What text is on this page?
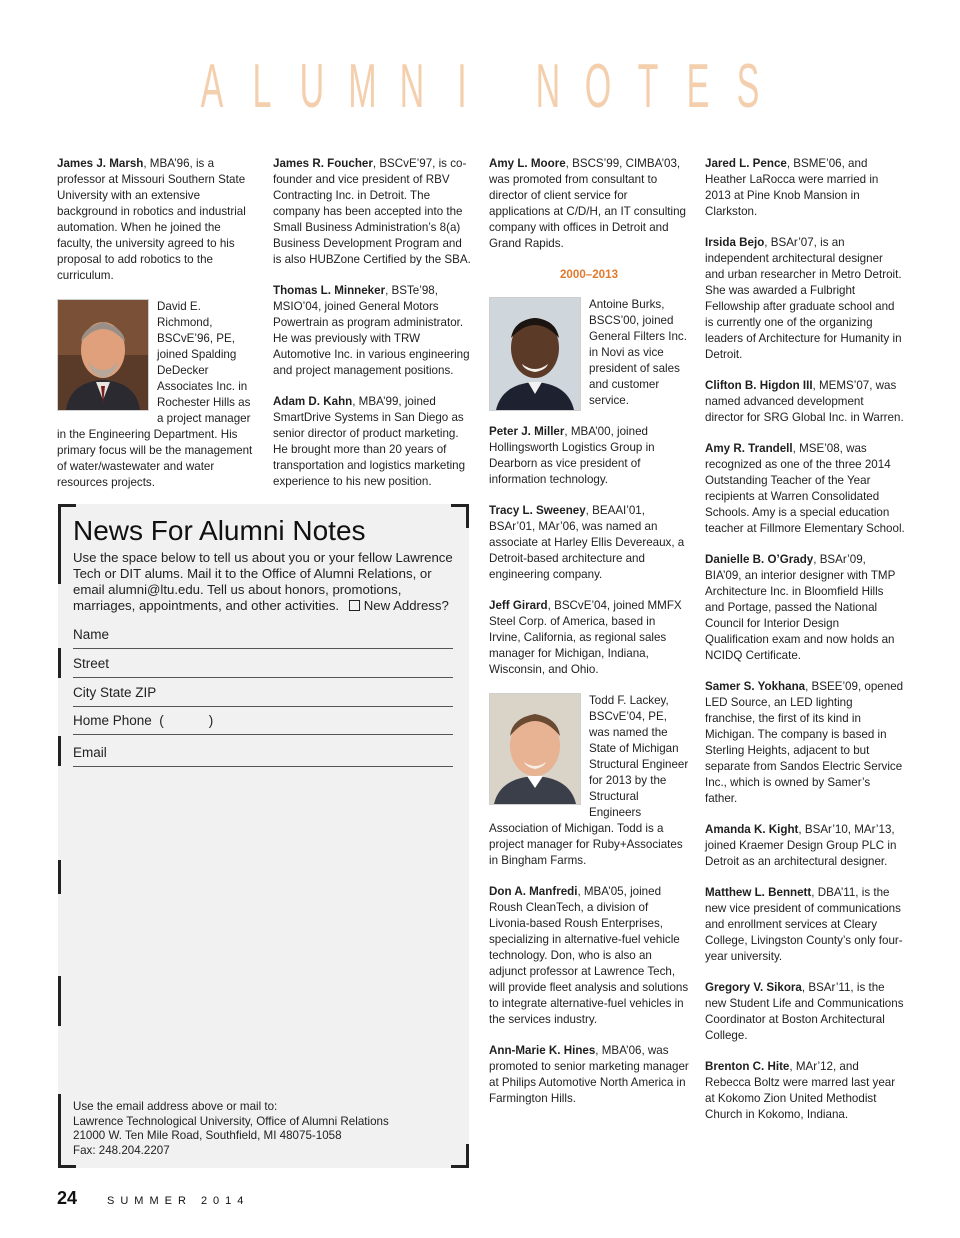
A L U M N I N O T E S
James J. Marsh, MBA’96, is a professor at Missouri Southern State University with an extensive background in robotics and industrial automation. When he joined the faculty, the university agreed to his proposal to add robotics to the curriculum.
David E. Richmond, BSCvE’96, PE, joined Spalding DeDecker Associates Inc. in Rochester Hills as a project manager in the Engineering Department. His primary focus will be the management of water/wastewater and water resources projects.
James R. Foucher, BSCvE’97, is co-founder and vice president of RBV Contracting Inc. in Detroit. The company has been accepted into the Small Business Administration’s 8(a) Business Development Program and is also HUBZone Certified by the SBA.
Thomas L. Minneker, BSTe’98, MSIO’04, joined General Motors Powertrain as program administrator. He was previously with TRW Automotive Inc. in various engineering and project management positions.
Adam D. Kahn, MBA’99, joined SmartDrive Systems in San Diego as senior director of product marketing. He brought more than 20 years of transportation and logistics marketing experience to his new position.
Amy L. Moore, BSCS’99, CIMBA’03, was promoted from consultant to director of client service for applications at C/D/H, an IT consulting company with offices in Detroit and Grand Rapids.
2000–2013
Antoine Burks, BSCS’00, joined General Filters Inc. in Novi as vice president of sales and customer service.
Peter J. Miller, MBA’00, joined Hollingsworth Logistics Group in Dearborn as vice president of information technology.
Tracy L. Sweeney, BEAAI’01, BSAr’01, MAr’06, was named an associate at Harley Ellis Devereaux, a Detroit-based architecture and engineering company.
Jeff Girard, BSCvE’04, joined MMFX Steel Corp. of America, based in Irvine, California, as regional sales manager for Michigan, Indiana, Wisconsin, and Ohio.
Todd F. Lackey, BSCvE’04, PE, was named the State of Michigan Structural Engineer for 2013 by the Structural Engineers Association of Michigan. Todd is a project manager for Ruby+Associates in Bingham Farms.
Don A. Manfredi, MBA’05, joined Roush CleanTech, a division of Livonia-based Roush Enterprises, specializing in alternative-fuel vehicle technology. Don, who is also an adjunct professor at Lawrence Tech, will provide fleet analysis and solutions to integrate alternative-fuel vehicles in the services industry.
Ann-Marie K. Hines, MBA’06, was promoted to senior marketing manager at Philips Automotive North America in Farmington Hills.
Jared L. Pence, BSME’06, and Heather LaRocca were married in 2013 at Pine Knob Mansion in Clarkston.
Irsida Bejo, BSAr’07, is an independent architectural designer and urban researcher in Metro Detroit. She was awarded a Fulbright Fellowship after graduate school and is currently one of the organizing leaders of Architecture for Humanity in Detroit.
Clifton B. Higdon III, MEMS’07, was named advanced development director for SRG Global Inc. in Warren.
Amy R. Trandell, MSE’08, was recognized as one of the three 2014 Outstanding Teacher of the Year recipients at Warren Consolidated Schools. Amy is a special education teacher at Fillmore Elementary School.
Danielle B. O’Grady, BSAr’09, BIA’09, an interior designer with TMP Architecture Inc. in Bloomfield Hills and Portage, passed the National Council for Interior Design Qualification exam and now holds an NCIDQ Certificate.
Samer S. Yokhana, BSEE’09, opened LED Source, an LED lighting franchise, the first of its kind in Michigan. The company is based in Sterling Heights, adjacent to but separate from Sandos Electric Service Inc., which is owned by Samer’s father.
Amanda K. Kight, BSAr’10, MAr’13, joined Kraemer Design Group PLC in Detroit as an architectural designer.
Matthew L. Bennett, DBA’11, is the new vice president of communications and enrollment services at Cleary College, Livingston County’s only four-year university.
Gregory V. Sikora, BSAr’11, is the new Student Life and Communications Coordinator at Boston Architectural College.
Brenton C. Hite, MAr’12, and Rebecca Boltz were marred last year at Kokomo Zion United Methodist Church in Kokomo, Indiana.
News For Alumni Notes
Use the space below to tell us about you or your fellow Lawrence Tech or DIT alums. Mail it to the Office of Alumni Relations, or email alumni@ltu.edu. Tell us about honors, promotions, marriages, appointments, and other activities. New Address?
Name
Street
City State ZIP
Home Phone  (            )
Email
Use the email address above or mail to:
Lawrence Technological University, Office of Alumni Relations
21000 W. Ten Mile Road, Southfield, MI 48075-1058
Fax: 248.204.2207
24	SUMMER 2014
